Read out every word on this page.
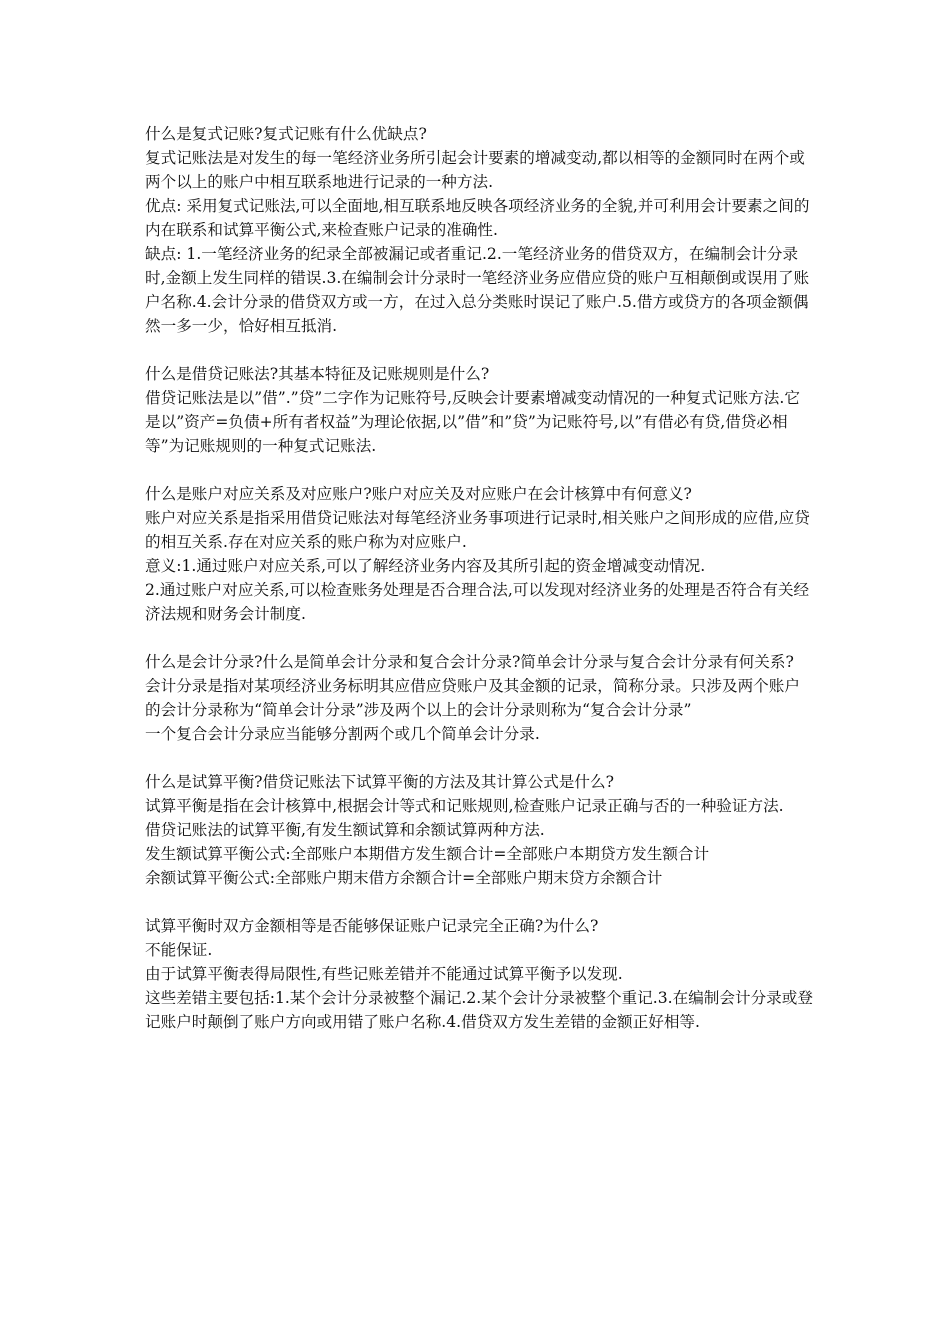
什么是复式记账?复式记账有什么优缺点?

复式记账法是对发生的每一笔经济业务所引起会计要素的增减变动,都以相等的金额同时在两个或两个以上的账户中相互联系地进行记录的一种方法.

优点: 采用复式记账法,可以全面地,相互联系地反映各项经济业务的全貌,并可利用会计要素之间的内在联系和试算平衡公式,来检查账户记录的准确性.

缺点: 1.一笔经济业务的纪录全部被漏记或者重记.2.一笔经济业务的借贷双方，在编制会计分录时,金额上发生同样的错误.3.在编制会计分录时一笔经济业务应借应贷的账户互相颠倒或误用了账户名称.4.会计分录的借贷双方或一方，在过入总分类账时误记了账户.5.借方或贷方的各项金额偶然一多一少，恰好相互抵消.

什么是借贷记账法?其基本特征及记账规则是什么?

借贷记账法是以”借”.”贷”二字作为记账符号,反映会计要素增减变动情况的一种复式记账方法.它是以”资产=负债+所有者权益”为理论依据,以”借”和”贷”为记账符号,以”有借必有贷,借贷必相等”为记账规则的一种复式记账法.

什么是账户对应关系及对应账户?账户对应关及对应账户在会计核算中有何意义?

账户对应关系是指采用借贷记账法对每笔经济业务事项进行记录时,相关账户之间形成的应借,应贷的相互关系.存在对应关系的账户称为对应账户.

意义:1.通过账户对应关系,可以了解经济业务内容及其所引起的资金增减变动情况.

2.通过账户对应关系,可以检查账务处理是否合理合法,可以发现对经济业务的处理是否符合有关经济法规和财务会计制度.

什么是会计分录?什么是简单会计分录和复合会计分录?简单会计分录与复合会计分录有何关系?

会计分录是指对某项经济业务标明其应借应贷账户及其金额的记录，简称分录。只涉及两个账户的会计分录称为“简单会计分录”涉及两个以上的会计分录则称为“复合会计分录”

一个复合会计分录应当能够分割两个或几个简单会计分录.

什么是试算平衡?借贷记账法下试算平衡的方法及其计算公式是什么?

试算平衡是指在会计核算中,根据会计等式和记账规则,检查账户记录正确与否的一种验证方法.

借贷记账法的试算平衡,有发生额试算和余额试算两种方法.

发生额试算平衡公式:全部账户本期借方发生额合计=全部账户本期贷方发生额合计

余额试算平衡公式:全部账户期末借方余额合计=全部账户期末贷方余额合计

试算平衡时双方金额相等是否能够保证账户记录完全正确?为什么?

不能保证.

由于试算平衡表得局限性,有些记账差错并不能通过试算平衡予以发现.

这些差错主要包括:1.某个会计分录被整个漏记.2.某个会计分录被整个重记.3.在编制会计分录或登记账户时颠倒了账户方向或用错了账户名称.4.借贷双方发生差错的金额正好相等.
